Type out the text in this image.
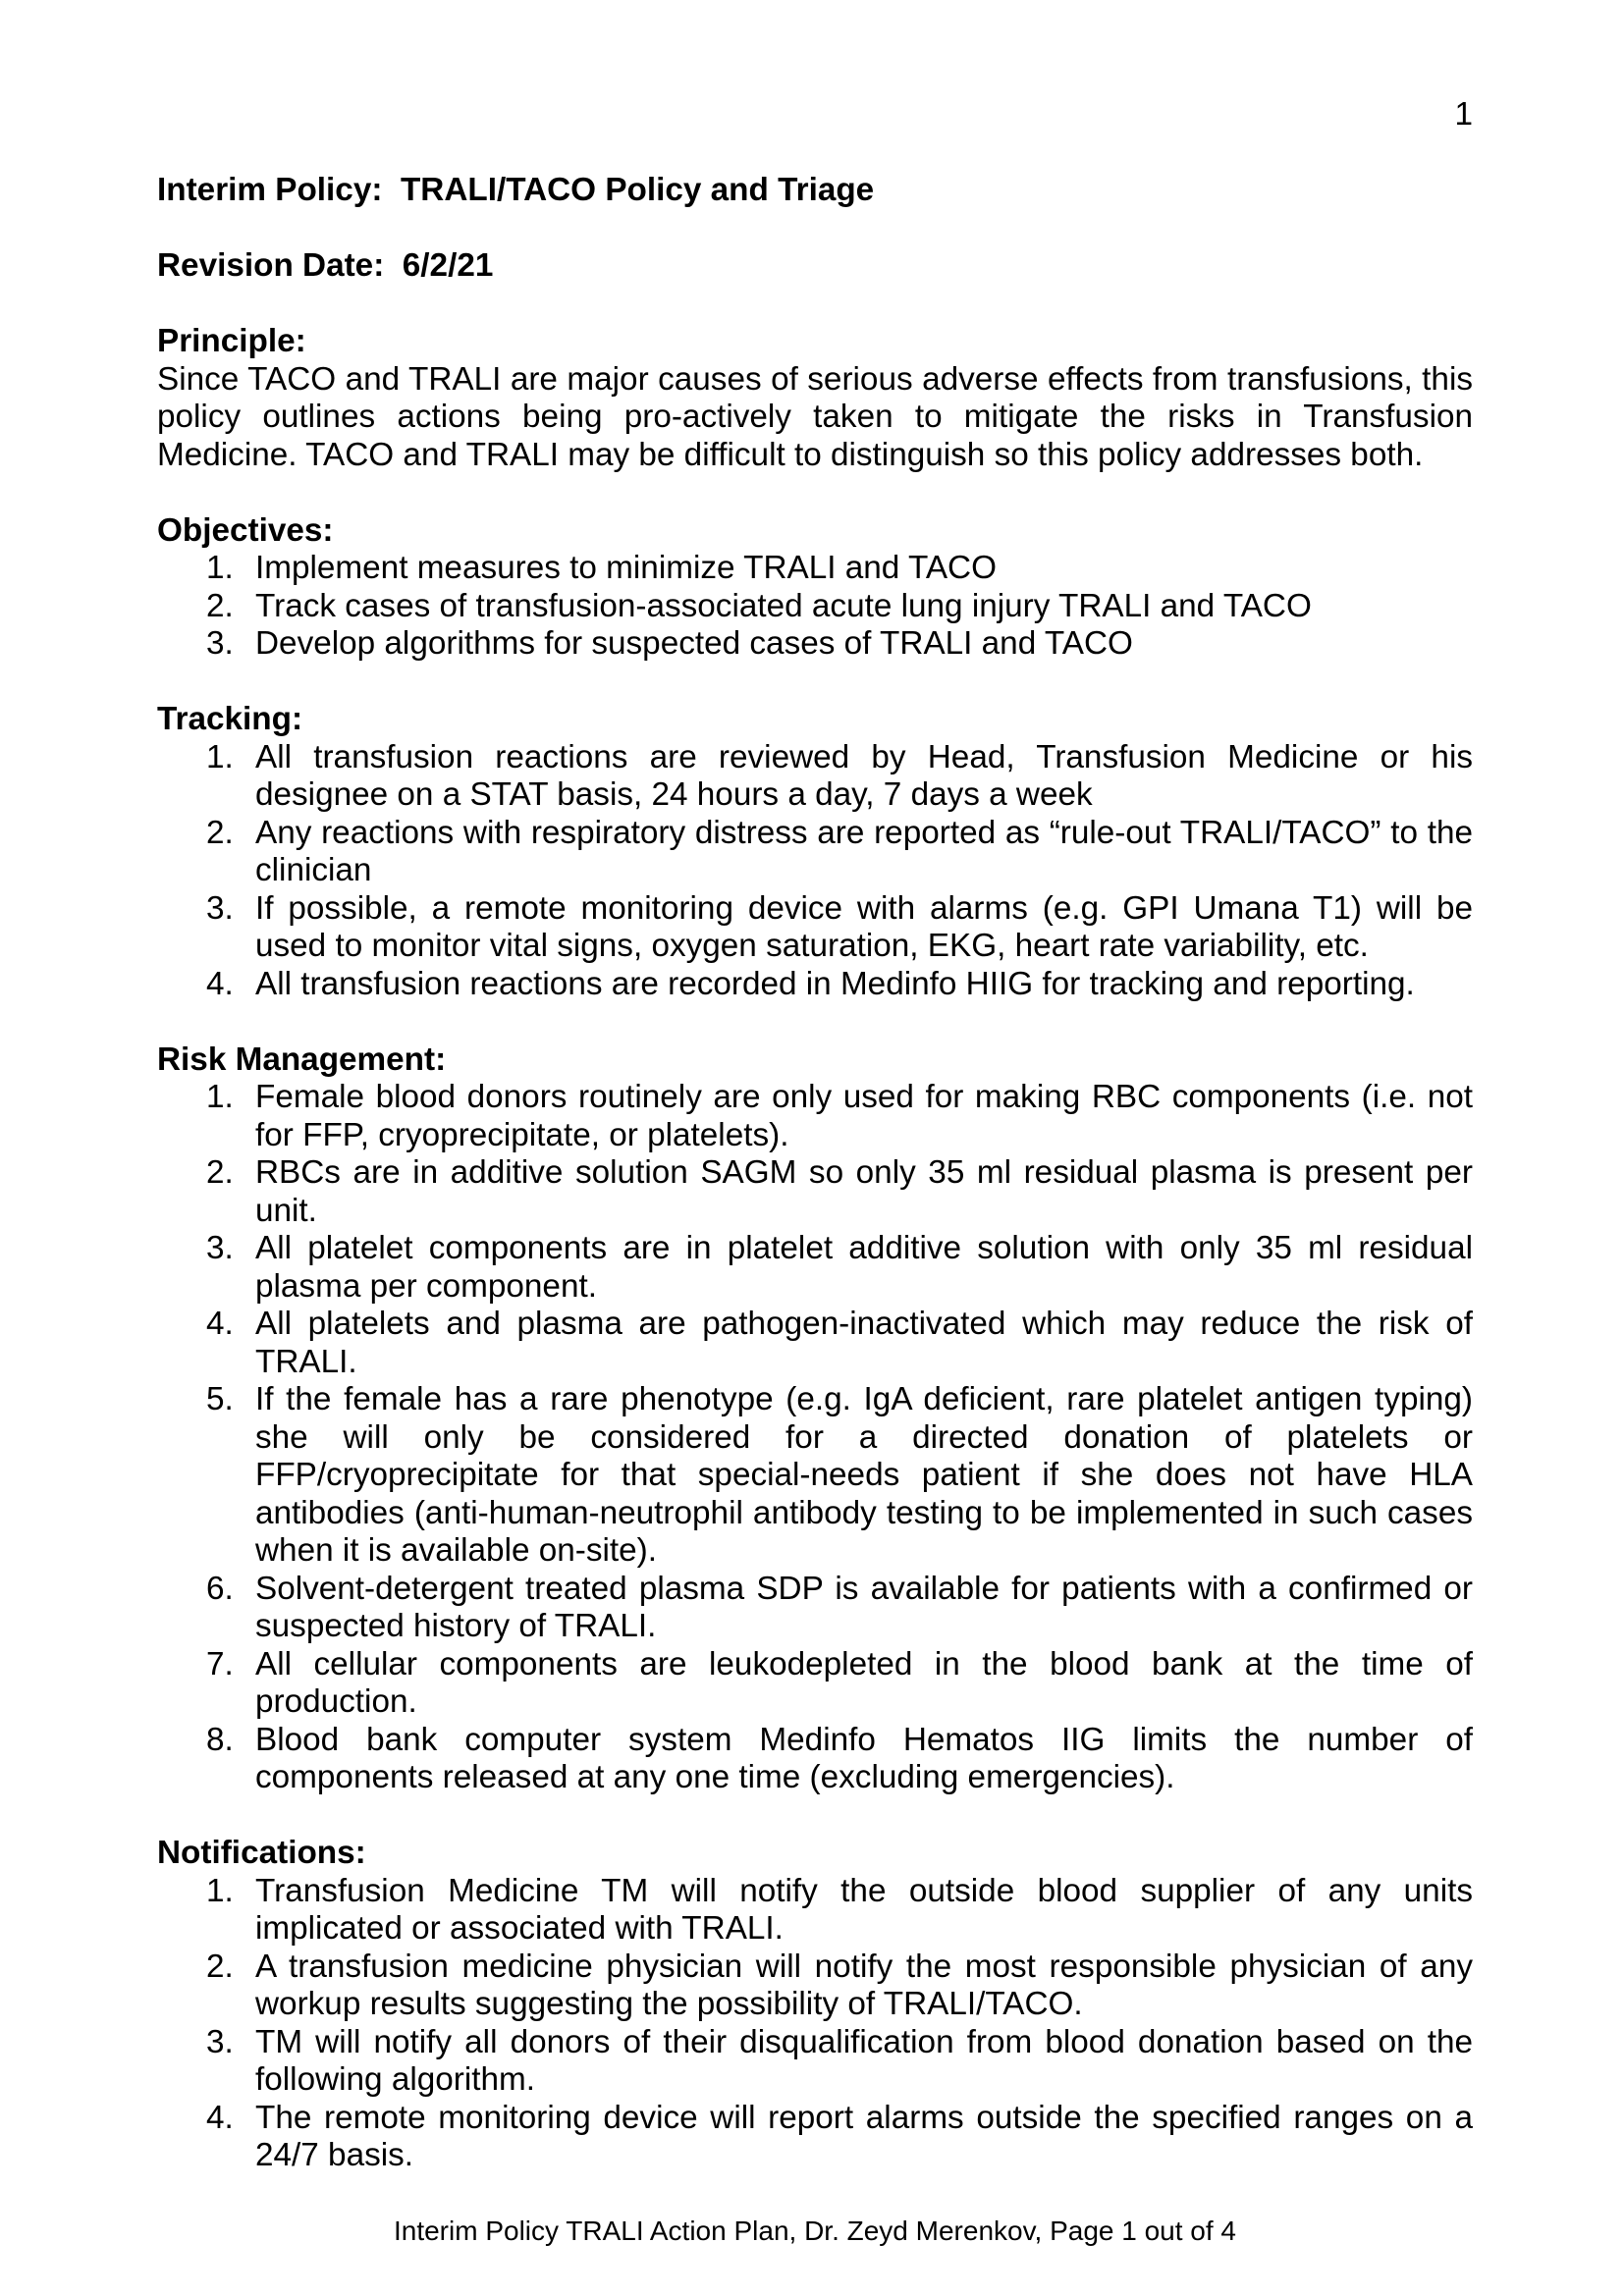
1
Interim Policy:  TRALI/TACO Policy and Triage
Revision Date:  6/2/21
Principle:
Since TACO and TRALI are major causes of serious adverse effects from transfusions, this policy outlines actions being pro-actively taken to mitigate the risks in Transfusion Medicine. TACO and TRALI may be difficult to distinguish so this policy addresses both.
Objectives:
Implement measures to minimize TRALI and TACO
Track cases of transfusion-associated acute lung injury TRALI and TACO
Develop algorithms for suspected cases of TRALI and TACO
Tracking:
All transfusion reactions are reviewed by Head, Transfusion Medicine or his designee on a STAT basis, 24 hours a day, 7 days a week
Any reactions with respiratory distress are reported as “rule-out TRALI/TACO” to the clinician
If possible, a remote monitoring device with alarms (e.g. GPI Umana T1) will be used to monitor vital signs, oxygen saturation, EKG, heart rate variability, etc.
All transfusion reactions are recorded in Medinfo HIIG for tracking and reporting.
Risk Management:
Female blood donors routinely are only used for making RBC components (i.e. not for FFP, cryoprecipitate, or platelets).
RBCs are in additive solution SAGM so only 35 ml residual plasma is present per unit.
All platelet components are in platelet additive solution with only 35 ml residual plasma per component.
All platelets and plasma are pathogen-inactivated which may reduce the risk of TRALI.
If the female has a rare phenotype (e.g. IgA deficient, rare platelet antigen typing) she will only be considered for a directed donation of platelets or FFP/cryoprecipitate for that special-needs patient if she does not have HLA antibodies (anti-human-neutrophil antibody testing to be implemented in such cases when it is available on-site).
Solvent-detergent treated plasma SDP is available for patients with a confirmed or suspected history of TRALI.
All cellular components are leukodepleted in the blood bank at the time of production.
Blood bank computer system Medinfo Hematos IIG limits the number of components released at any one time (excluding emergencies).
Notifications:
Transfusion Medicine TM will notify the outside blood supplier of any units implicated or associated with TRALI.
A transfusion medicine physician will notify the most responsible physician of any workup results suggesting the possibility of TRALI/TACO.
TM will notify all donors of their disqualification from blood donation based on the following algorithm.
The remote monitoring device will report alarms outside the specified ranges on a 24/7 basis.
Interim Policy TRALI Action Plan, Dr. Zeyd Merenkov, Page 1 out of 4
